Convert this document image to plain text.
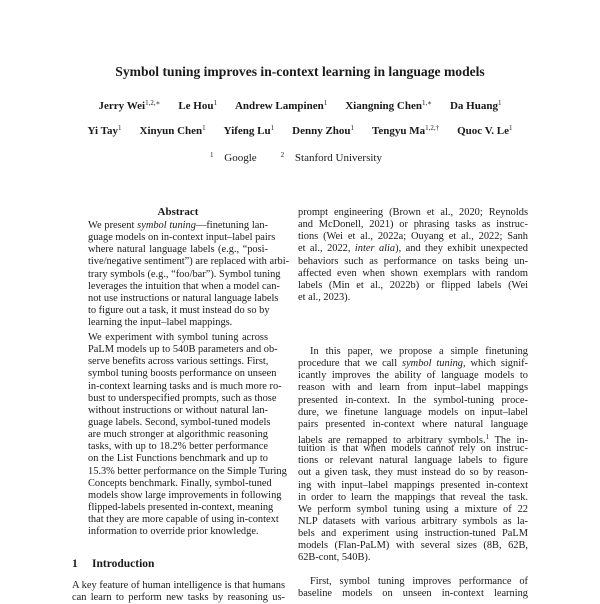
Symbol tuning improves in-context learning in language models
Jerry Wei$^{1,2,∗}$ Le Hou$^1$ Andrew Lampinen$^1$ Xiangning Chen$^{1,∗}$ Da Huang$^1$
Yi Tay$^1$ Xinyun Chen$^1$ Yifeng Lu$^1$ Denny Zhou$^1$ Tengyu $Ma^{1,2,\dagger}$ Quoc V. Le$^1$
$^1$ Google	$^2$ Stanford University
Abstract
We present symbol tuning—finetuning lan-
guage models on in-context input–label pairs
where natural language labels (e.g., “posi-
tive/negative sentiment”) are replaced with arbi-
trary symbols (e.g., “foo/bar”). Symbol tuning
leverages the intuition that when a model can-
not use instructions or natural language labels
to figure out a task, it must instead do so by
learning the input–label mappings.
We experiment with symbol tuning across
PaLM models up to 540B parameters and ob-
serve benefits across various settings. First,
symbol tuning boosts performance on unseen
in-context learning tasks and is much more ro-
bust to underspecified prompts, such as those
without instructions or without natural lan-
guage labels. Second, symbol-tuned models
are much stronger at algorithmic reasoning
tasks, with up to 18.2% better performance
on the List Functions benchmark and up to
15.3% better performance on the Simple Turing
Concepts benchmark. Finally, symbol-tuned
models show large improvements in following
flipped-labels presented in-context, meaning
that they are more capable of using in-context
information to override prior knowledge.
1 Introduction
A key feature of human intelligence is that humans
can learn to perform new tasks by reasoning us-
prompt engineering (Brown et al., 2020; Reynolds
and McDonell, 2021) or phrasing tasks as instruc-
tions (Wei et al., 2022a; Ouyang et al., 2022; Sanh
et al., 2022, inter alia), and they exhibit unexpected
behaviors such as performance on tasks being un-
affected even when shown exemplars with random
labels (Min et al., 2022b) or flipped labels (Wei
et al., 2023).
In this paper, we propose a simple finetuning
procedure that we call symbol tuning, which signif-
icantly improves the ability of language models to
reason with and learn from input–label mappings
presented in-context. In the symbol-tuning proce-
dure, we finetune language models on input–label
pairs presented in-context where natural language
labels are remapped to arbitrary symbols.$^1$ The in-
tuition is that when models cannot rely on instruc-
tions or relevant natural language labels to figure
out a given task, they must instead do so by reason-
ing with input–label mappings presented in-context
in order to learn the mappings that reveal the task.
We perform symbol tuning using a mixture of 22
NLP datasets with various arbitrary symbols as la-
bels and experiment using instruction-tuned PaLM
models (Flan-PaLM) with several sizes (8B, 62B,
62B-cont, 540B).
First, symbol tuning improves performance of
baseline models on unseen in-context learning
